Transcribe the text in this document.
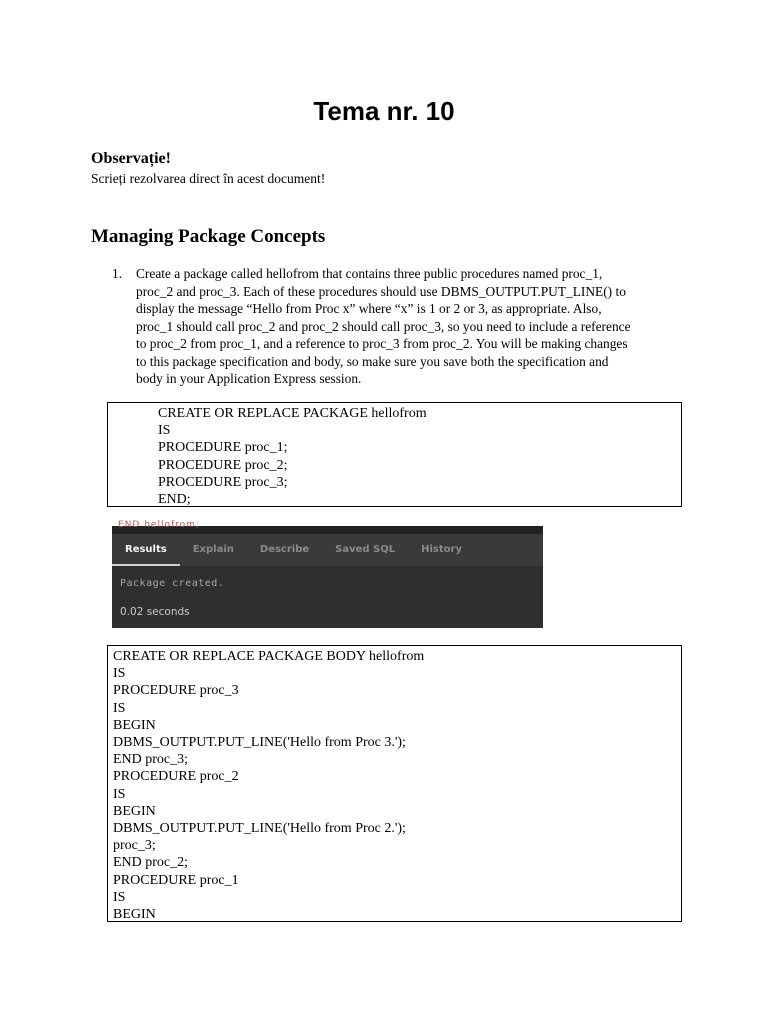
Tema nr. 10
Observație!
Scrieți rezolvarea direct în acest document!
Managing Package Concepts
1. Create a package called hellofrom that contains three public procedures named proc_1,
proc_2 and proc_3. Each of these procedures should use DBMS_OUTPUT.PUT_LINE() to
display the message “Hello from Proc x” where “x” is 1 or 2 or 3, as appropriate. Also,
proc_1 should call proc_2 and proc_2 should call proc_3, so you need to include a reference
to proc_2 from proc_1, and a reference to proc_3 from proc_2. You will be making changes
to this package specification and body, so make sure you save both the specification and
body in your Application Express session.
CREATE OR REPLACE PACKAGE hellofrom
IS
PROCEDURE proc_1;
PROCEDURE proc_2;
PROCEDURE proc_3;
END;
END hellofrom;
Results	Explain	Describe	Saved SQL	History
Package created.
0.02 seconds
CREATE OR REPLACE PACKAGE BODY hellofrom
IS
PROCEDURE proc_3
IS
BEGIN
DBMS_OUTPUT.PUT_LINE('Hello from Proc 3.');
END proc_3;
PROCEDURE proc_2
IS
BEGIN
DBMS_OUTPUT.PUT_LINE('Hello from Proc 2.');
proc_3;
END proc_2;
PROCEDURE proc_1
IS
BEGIN
